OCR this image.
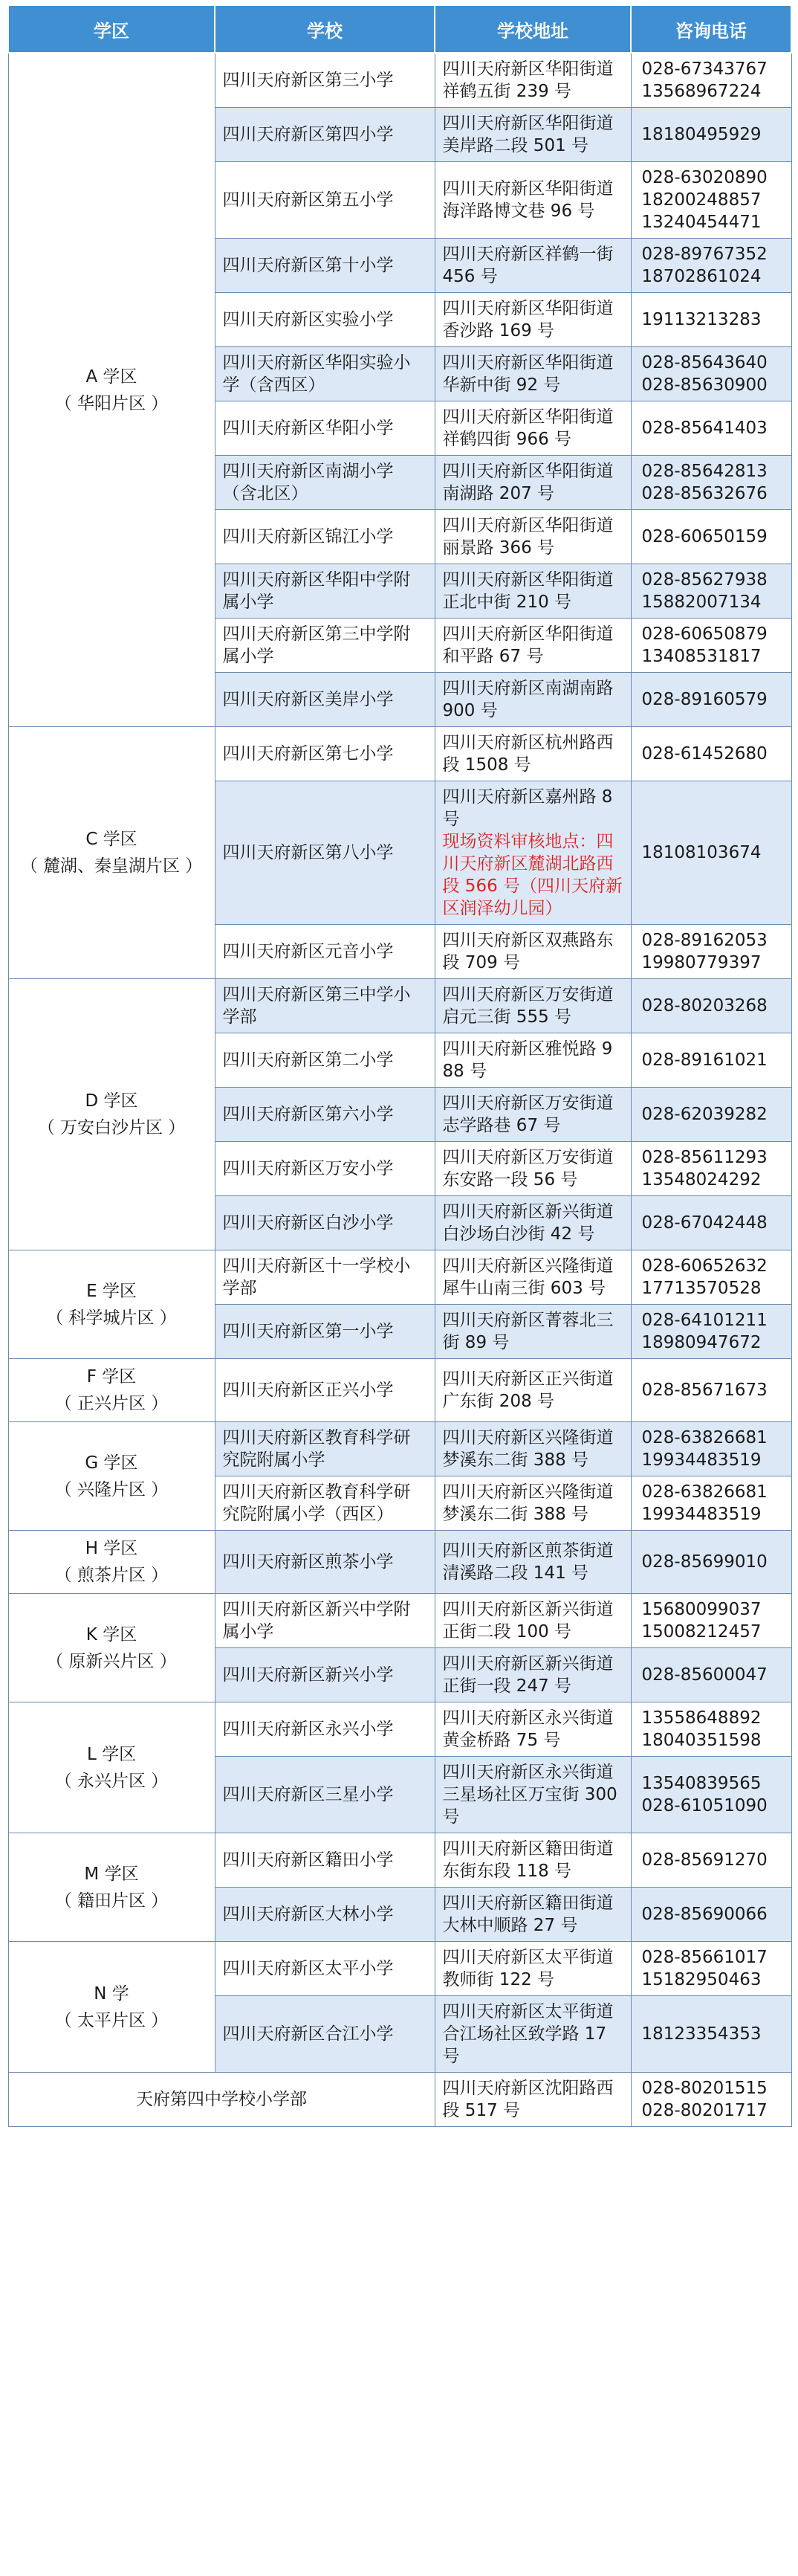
学区	学校	学校地址	咨询电话

A 学区
（ 华阳片区 ）	四川天府新区第三小学	四川天府新区华阳街道祥鹤五街 239 号	028-67343767
13568967224

	四川天府新区第四小学	四川天府新区华阳街道美岸路二段 501 号	18180495929

	四川天府新区第五小学	四川天府新区华阳街道海洋路博文巷 96 号	028-63020890
18200248857
13240454471

	四川天府新区第十小学	四川天府新区祥鹤一街 456 号	028-89767352
18702861024

	四川天府新区实验小学	四川天府新区华阳街道香沙路 169 号	19113213283

	四川天府新区华阳实验小学（含西区）	四川天府新区华阳街道华新中街 92 号	028-85643640
028-85630900

	四川天府新区华阳小学	四川天府新区华阳街道祥鹤四街 966 号	028-85641403

	四川天府新区南湖小学（含北区）	四川天府新区华阳街道南湖路 207 号	028-85642813
028-85632676

	四川天府新区锦江小学	四川天府新区华阳街道丽景路 366 号	028-60650159

	四川天府新区华阳中学附属小学	四川天府新区华阳街道正北中街 210 号	028-85627938
15882007134

	四川天府新区第三中学附属小学	四川天府新区华阳街道和平路 67 号	028-60650879
13408531817

	四川天府新区美岸小学	四川天府新区南湖南路 900 号	028-89160579

C 学区
（ 麓湖、秦皇湖片区 ）	四川天府新区第七小学	四川天府新区杭州路西段 1508 号	028-61452680

	四川天府新区第八小学	四川天府新区嘉州路 8 号
现场资料审核地点：四川天府新区麓湖北路西段 566 号（四川天府新区润泽幼儿园）	18108103674

	四川天府新区元音小学	四川天府新区双燕路东段 709 号	028-89162053
19980779397

D 学区
（ 万安白沙片区 ）	四川天府新区第三中学小学部	四川天府新区万安街道启元三街 555 号	028-80203268

	四川天府新区第二小学	四川天府新区雅悦路 988 号	028-89161021

	四川天府新区第六小学	四川天府新区万安街道志学路巷 67 号	028-62039282

	四川天府新区万安小学	四川天府新区万安街道东安路一段 56 号	028-85611293
13548024292

	四川天府新区白沙小学	四川天府新区新兴街道白沙场白沙街 42 号	028-67042448

E 学区
（ 科学城片区 ）	四川天府新区十一学校小学部	四川天府新区兴隆街道犀牛山南三街 603 号	028-60652632
17713570528

	四川天府新区第一小学	四川天府新区菁蓉北三街 89 号	028-64101211
18980947672

F 学区
（ 正兴片区 ）	四川天府新区正兴小学	四川天府新区正兴街道广东街 208 号	028-85671673

G 学区
（ 兴隆片区 ）	四川天府新区教育科学研究院附属小学	四川天府新区兴隆街道梦溪东二街 388 号	028-63826681
19934483519

	四川天府新区教育科学研究院附属小学（西区）	四川天府新区兴隆街道梦溪东二街 388 号	028-63826681
19934483519

H 学区
（ 煎茶片区 ）	四川天府新区煎茶小学	四川天府新区煎茶街道清溪路二段 141 号	028-85699010

K 学区
（ 原新兴片区 ）	四川天府新区新兴中学附属小学	四川天府新区新兴街道正街二段 100 号	15680099037
15008212457

	四川天府新区新兴小学	四川天府新区新兴街道正街一段 247 号	028-85600047

L 学区
（ 永兴片区 ）	四川天府新区永兴小学	四川天府新区永兴街道黄金桥路 75 号	13558648892
18040351598

	四川天府新区三星小学	四川天府新区永兴街道三星场社区万宝街 300 号	13540839565
028-61051090

M 学区
（ 籍田片区 ）	四川天府新区籍田小学	四川天府新区籍田街道东街东段 118 号	028-85691270

	四川天府新区大林小学	四川天府新区籍田街道大林中顺路 27 号	028-85690066

N 学
（ 太平片区 ）	四川天府新区太平小学	四川天府新区太平街道教师街 122 号	028-85661017
15182950463

	四川天府新区合江小学	四川天府新区太平街道合江场社区致学路 17 号	18123354353

天府第四中学校小学部		四川天府新区沈阳路西段 517 号	028-80201515
028-80201717
